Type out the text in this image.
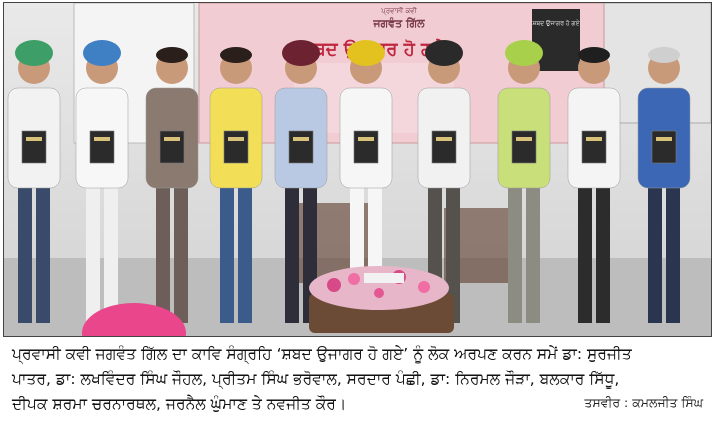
ਪ੍ਰਵਾਸੀ ਕਵੀ
ਜਗਵੰਤ ਗਿੱਲ
ਸ਼ਬਦ ਹੋ
ਸ਼ਬਦ ਉਜਾਗਰ ਹੋ ਗਏ
ਪ੍ਰਵਾਸੀ ਕਵੀ ਜਗਵੰਤ ਗਿੱਲ ਦਾ ਕਾਵਿ ਸੰਗ੍ਰਹਿ ‘ਸ਼ਬਦ ਉਜਾਗਰ ਹੋ ਗਏ’ ਨੂੰ ਲੋਕ ਅਰਪਣ ਕਰਨ ਸਮੇਂ ਡਾ: ਸੁਰਜੀਤ
ਪਾਤਰ, ਡਾ: ਲਖਵਿੰਦਰ ਸਿੰਘ ਜੌਹਲ, ਪ੍ਰੀਤਮ ਸਿੰਘ ਭਰੋਵਾਲ, ਸਰਦਾਰ ਪੰਛੀ, ਡਾ: ਨਿਰਮਲ ਜੌੜਾ, ਬਲਕਾਰ ਸਿੱਧੂ,
ਦੀਪਕ ਸ਼ਰਮਾ ਚਰਨਾਰਥਲ, ਜਰਨੈਲ ਘੁੰਮਾਣ ਤੇ ਨਵਜੀਤ ਕੌਰ।	ਤਸਵੀਰ : ਕਮਲਜੀਤ ਸਿੰਘ
